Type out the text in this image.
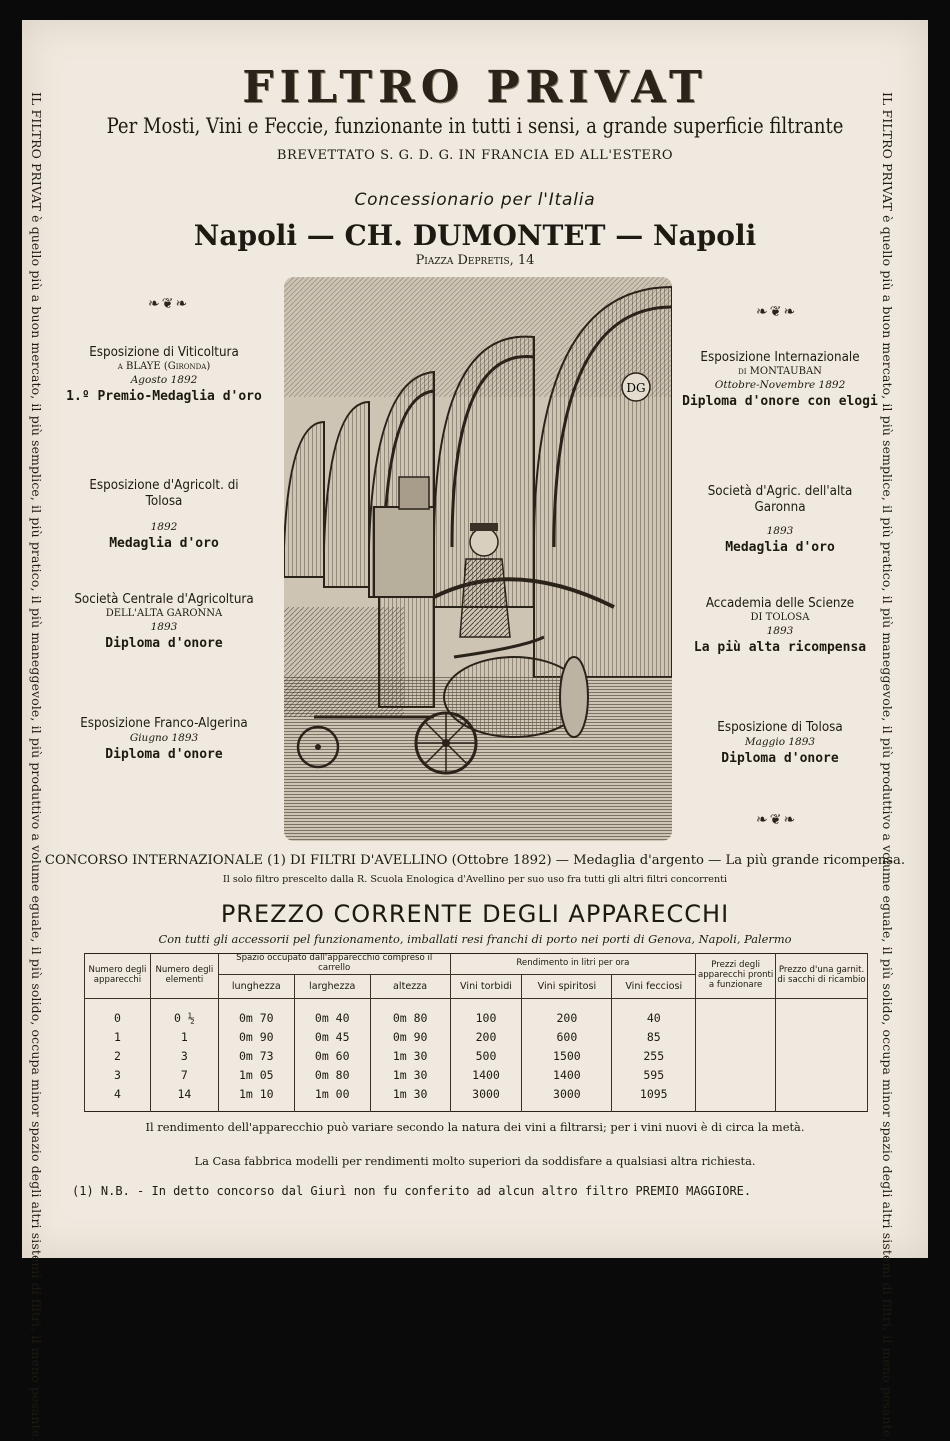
IL FILTRO PRIVAT è quello più a buon mercato, il più semplice, il più pratico, il più maneggevole, il più produttivo a volume eguale, il più solido, occupa minor spazio degli altri sistemi di filtri, il meno pesante.	IL FILTRO PRIVAT è quello più a buon mercato, il più semplice, il più pratico, il più maneggevole, il più produttivo a volume eguale, il più solido, occupa minor spazio degli altri sistemi di filtri, il meno pesante.
FILTRO PRIVAT
Per Mosti, Vini e Feccie, funzionante in tutti i sensi, a grande superficie filtrante
BREVETTATO S. G. D. G. IN FRANCIA ED ALL'ESTERO
Concessionario per l'Italia
Napoli — CH. DUMONTET — Napoli
Piazza Depretis, 14
❧❦❧	❧❦❧
❧❦❧
Esposizione di Viticoltura
a BLAYE (Gironda)
Agosto 1892
1.º Premio-Medaglia d'oro
Esposizione d'Agricolt. di Tolosa
1892
Medaglia d'oro
Società Centrale d'Agricoltura
DELL'ALTA GARONNA
1893
Diploma d'onore
Esposizione Franco-Algerina
Giugno 1893
Diploma d'onore
Esposizione Internazionale
di MONTAUBAN
Ottobre-Novembre 1892
Diploma d'onore con elogi
Società d'Agric. dell'alta Garonna
1893
Medaglia d'oro
Accademia delle Scienze
DI TOLOSA
1893
La più alta ricompensa
Esposizione di Tolosa
Maggio 1893
Diploma d'onore
DG
CONCORSO INTERNAZIONALE (1) DI FILTRI D'AVELLINO (Ottobre 1892) — Medaglia d'argento — La più grande ricompensa.
Il solo filtro prescelto dalla R. Scuola Enologica d'Avellino per suo uso fra tutti gli altri filtri concorrenti
PREZZO CORRENTE DEGLI APPARECCHI
Con tutti gli accessorii pel funzionamento, imballati resi franchi di porto nei porti di Genova, Napoli, Palermo
Numero degli apparecchi	Numero degli elementi	Spazio occupato dall'apparecchio compreso il carrello			Rendimento in litri per ora			Prezzi degli apparecchi pronti a funzionare	Prezzo d'una garnit. di sacchi di ricambio
		lunghezza	larghezza	altezza	Vini torbidi	Vini spiritosi	Vini fecciosi		

0	0 ½	0m 70	0m 40	0m 80	100	200	40		
1	1	0m 90	0m 45	0m 90	200	600	85		
2	3	0m 73	0m 60	1m 30	500	1500	255		
3	7	1m 05	0m 80	1m 30	1400	1400	595		
4	14	1m 10	1m 00	1m 30	3000	3000	1095		

Il rendimento dell'apparecchio può variare secondo la natura dei vini a filtrarsi; per i vini nuovi è di circa la metà.
La Casa fabbrica modelli per rendimenti molto superiori da soddisfare a qualsiasi altra richiesta.
(1) N.B. - In detto concorso dal Giurì non fu conferito ad alcun altro filtro PREMIO MAGGIORE.
